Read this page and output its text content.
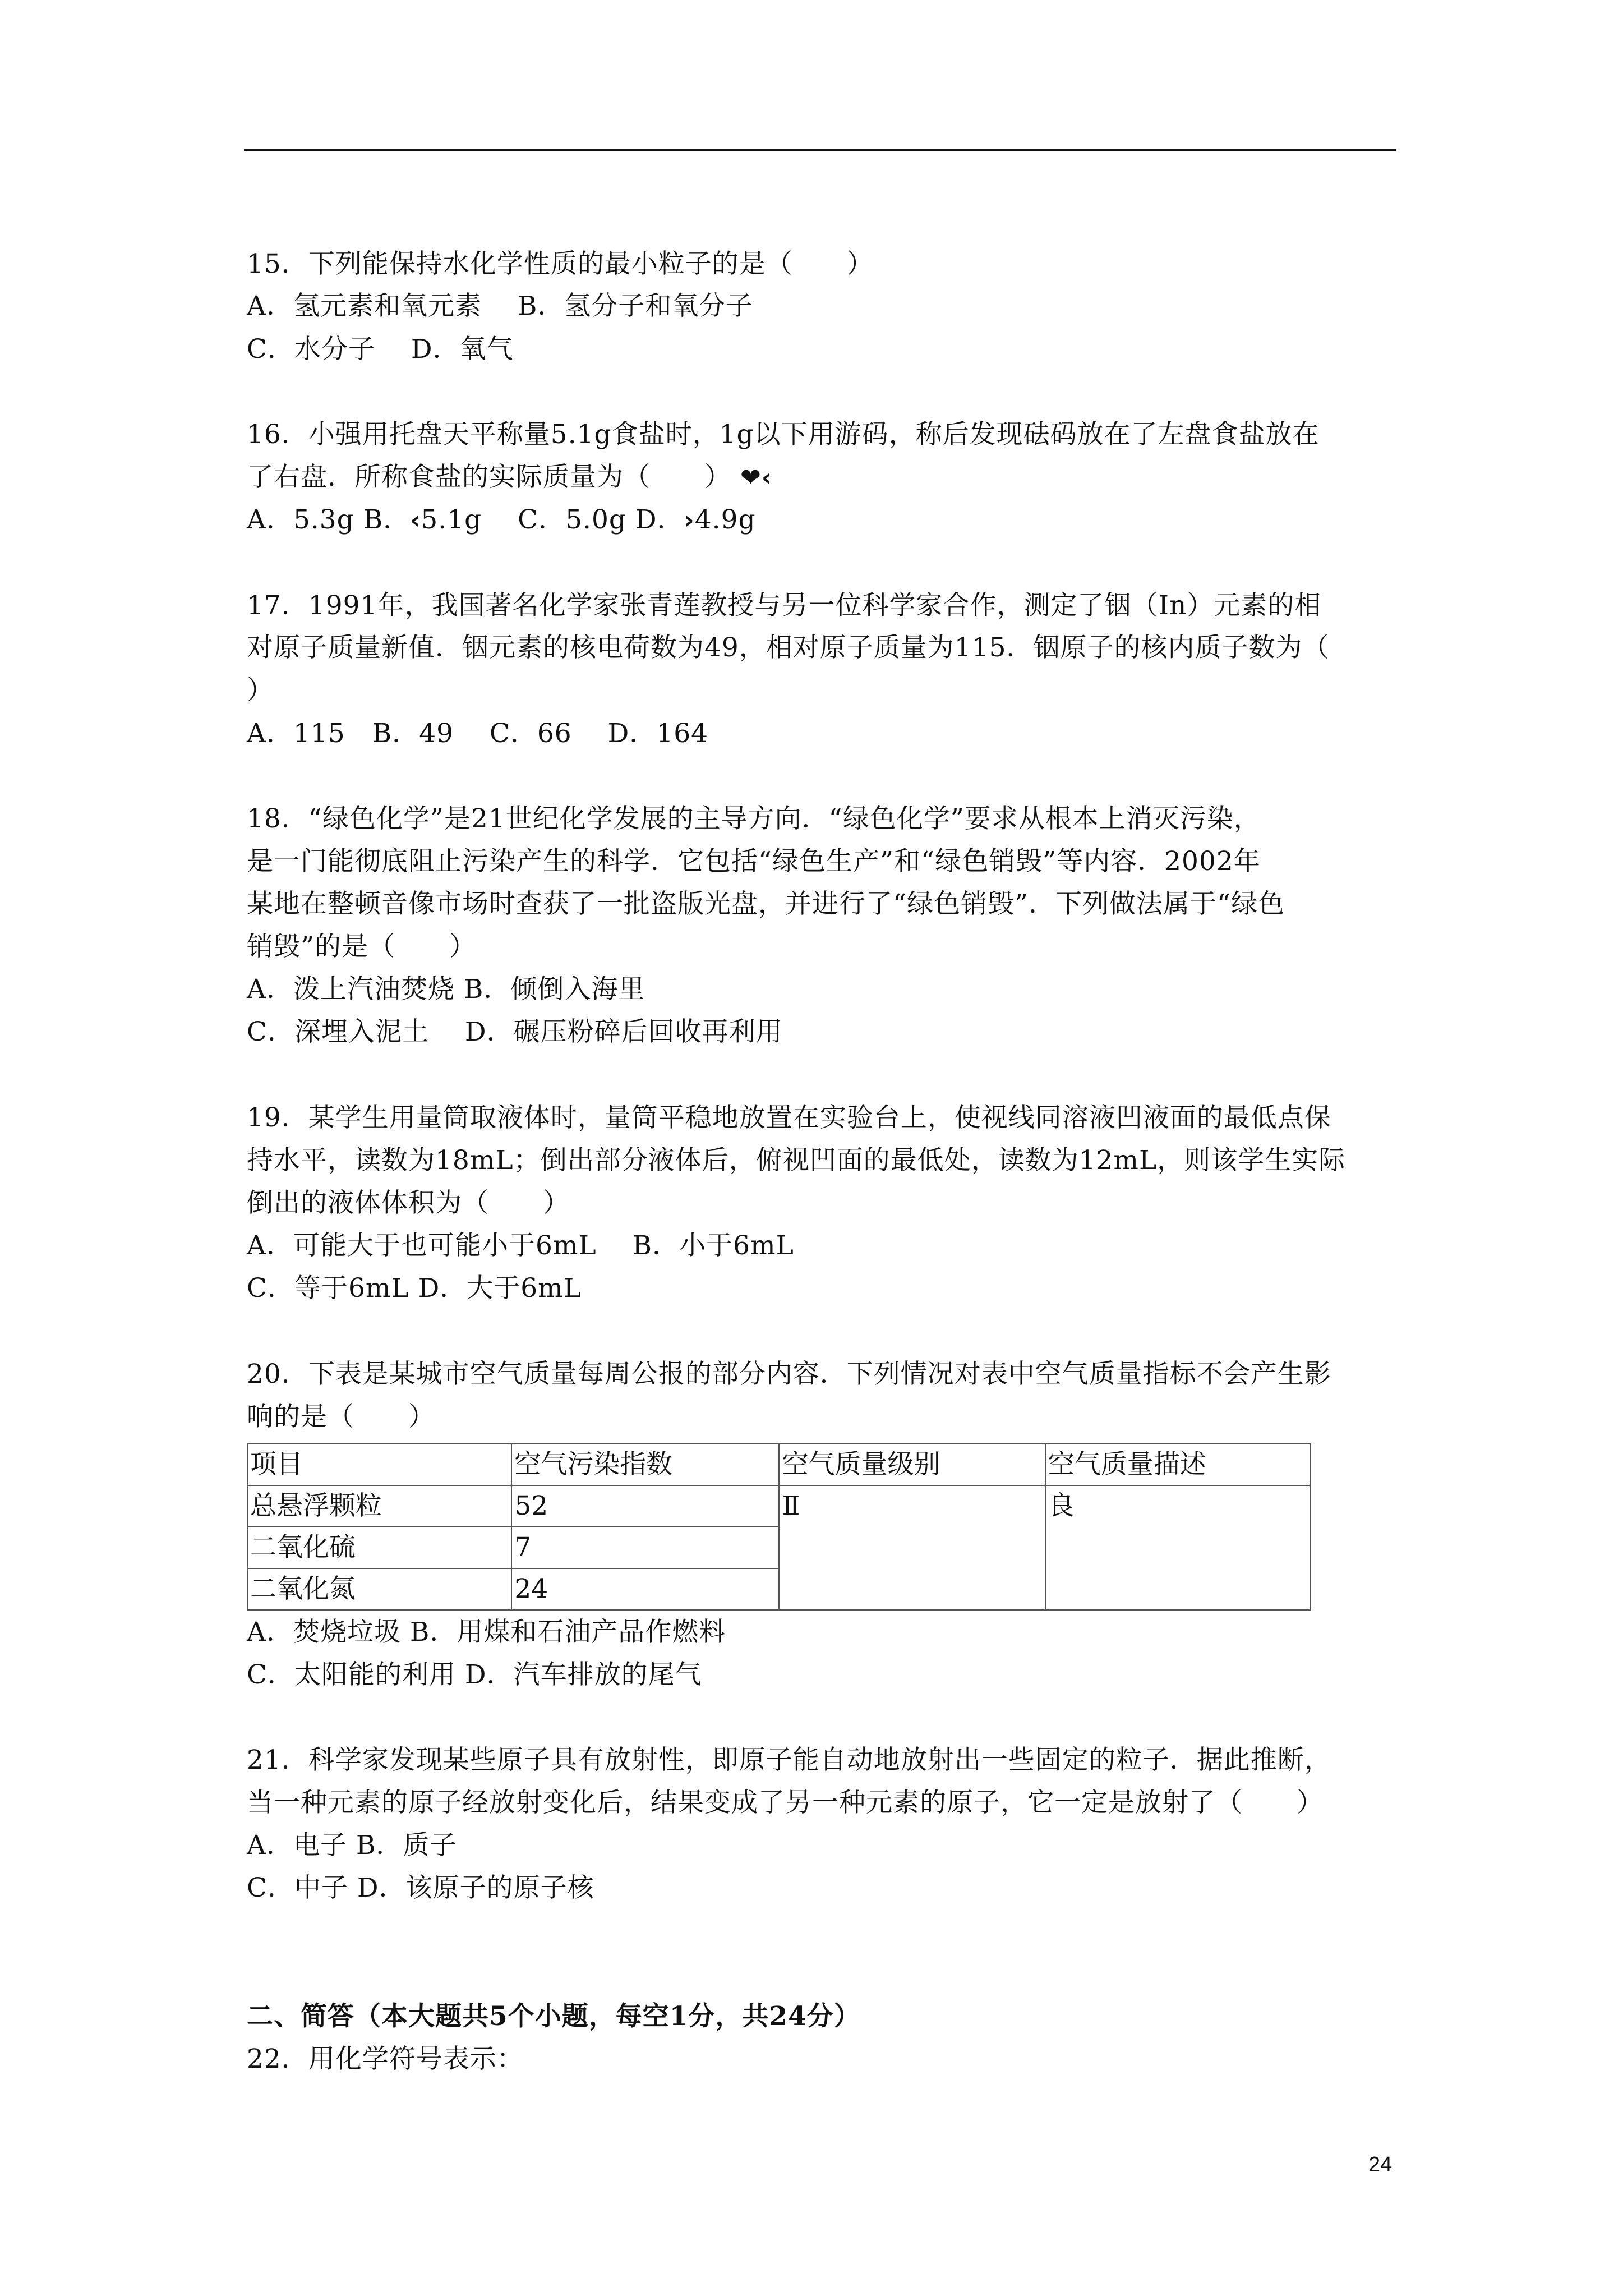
15．下列能保持水化学性质的最小粒子的是（　　）
A．氢元素和氧元素　 B．氢分子和氧分子
C．水分子　 D．氧气
16．小强用托盘天平称量5.1g食盐时，1g以下用游码，称后发现砝码放在了左盘食盐放在
了右盘．所称食盐的实际质量为（　　） ❤‹
A．5.3g B．‹5.1g　 C．5.0g D．›4.9g
17．1991年，我国著名化学家张青莲教授与另一位科学家合作，测定了铟（In）元素的相
对原子质量新值．铟元素的核电荷数为49，相对原子质量为115．铟原子的核内质子数为（
）
A．115　B．49　 C．66　 D．164
18．“绿色化学”是21世纪化学发展的主导方向．“绿色化学”要求从根本上消灭污染，
是一门能彻底阻止污染产生的科学．它包括“绿色生产”和“绿色销毁”等内容．2002年
某地在整顿音像市场时查获了一批盗版光盘，并进行了“绿色销毁”．下列做法属于“绿色
销毁”的是（　　）
A．泼上汽油焚烧 B．倾倒入海里
C．深埋入泥土　 D．碾压粉碎后回收再利用
19．某学生用量筒取液体时，量筒平稳地放置在实验台上，使视线同溶液凹液面的最低点保
持水平，读数为18mL；倒出部分液体后，俯视凹面的最低处，读数为12mL，则该学生实际
倒出的液体体积为（　　）
A．可能大于也可能小于6mL　 B．小于6mL
C．等于6mL D．大于6mL
20．下表是某城市空气质量每周公报的部分内容．下列情况对表中空气质量指标不会产生影
响的是（　　）
项目	空气污染指数	空气质量级别	空气质量描述
总悬浮颗粒	52	Ⅱ	良
二氧化硫	7		
二氧化氮	24		
A．焚烧垃圾 B．用煤和石油产品作燃料
C．太阳能的利用 D．汽车排放的尾气
21．科学家发现某些原子具有放射性，即原子能自动地放射出一些固定的粒子．据此推断，
当一种元素的原子经放射变化后，结果变成了另一种元素的原子，它一定是放射了（　　）
A．电子 B．质子
C．中子 D．该原子的原子核
二、简答（本大题共5个小题，每空1分，共24分）
22．用化学符号表示：
24
